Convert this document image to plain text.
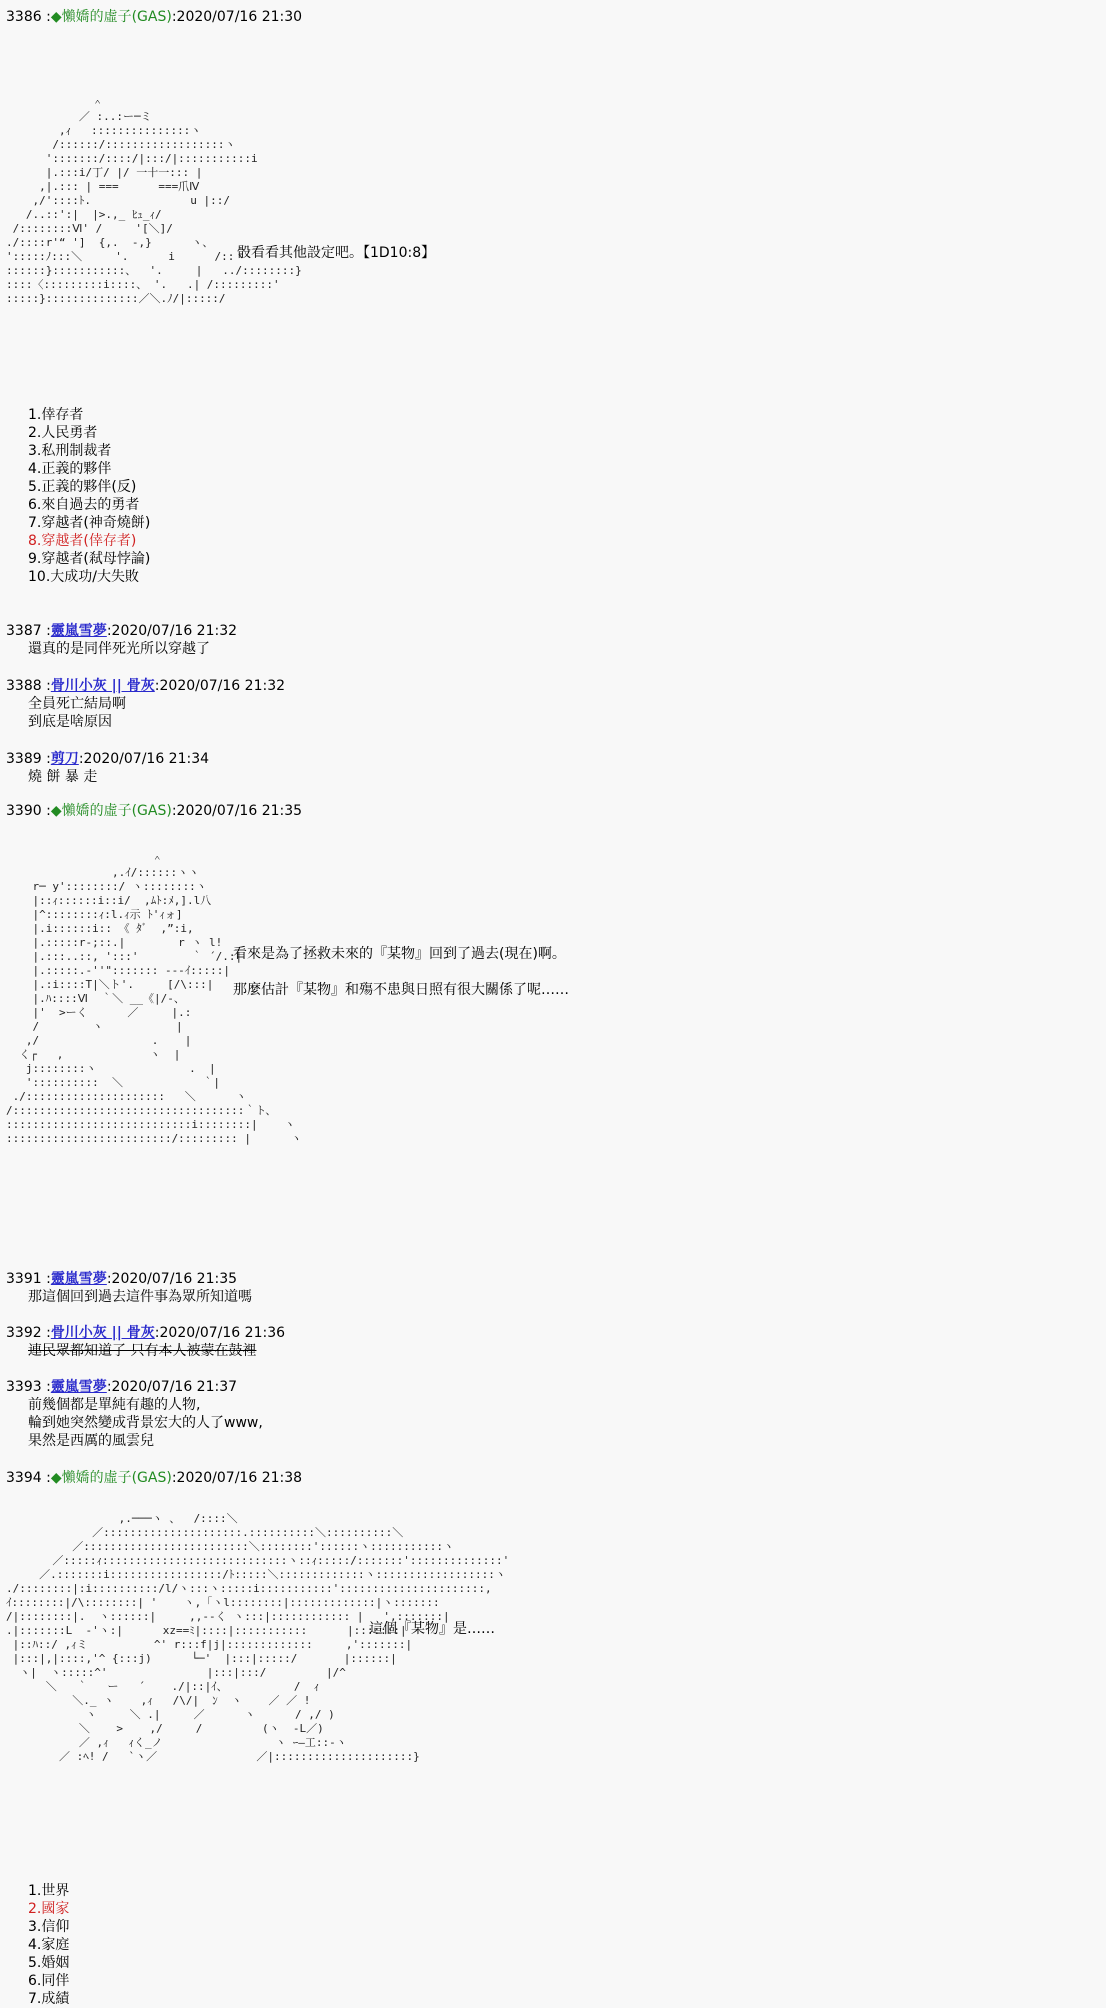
3386 :◆懶嬌的虛子(GAS):2020/07/16 21:30
＾
／ :..:ー─ミ
,ｨ   :::::::::::::::ヽ
/::::::/::::::::::::::::::ヽ
':::::::/::::/|:::/|:::::::::::i
|.:::i/丁/ |/ 一十一::: |
,|.::: | ===      ===爪Ⅳ
,/'::::ﾄ.               u |::/
/..::':|  |>.,_ ﾋｭ_ｨ/
/::::::::Ⅵ' /     '[＼]/
./::::r'“ ']  {,.  -,}      ヽ、
':::::ﾉ:::＼     '.      i      /::ヽ
::::::}:::::::::::、  '.     |   ../::::::::}
::::〈:::::::::i::::、 '.   .| /:::::::::'
:::::}::::::::::::::／＼.ﾉ/|:::::/
骰看看其他設定吧。【1D10:8】
1.倖存者
2.人民勇者
3.私刑制裁者
4.正義的夥伴
5.正義的夥伴(反)
6.來自過去的勇者
7.穿越者(神奇燒餅)
8.穿越者(倖存者)
9.穿越者(弒母悖論)
10.大成功/大失敗
3387 :靈嵐雪夢:2020/07/16 21:32
還真的是同伴死光所以穿越了
3388 :骨川小灰 || 骨灰:2020/07/16 21:32
全員死亡結局啊
到底是啥原因
3389 :剪刀:2020/07/16 21:34
燒 餅 暴 走
3390 :◆懶嬌的虛子(GAS):2020/07/16 21:35
＾
,.ｲ/::::::ヽヽ
r─ y'::::::::/ ヽ::::::::ヽ
|::ｨ::::::i::i/  ,ﾑﾄ:ﾒ,].l八
|^::::::::ｨ:l.ｨ示 ﾄ'ｨォ]
|.i::::::i:: 《 ﾀﾞ  ,”:i,
|.:::::r-;::.|        r ヽ l!
|.:::..::, ':::'        ｀ ´/.:|
|.:::::.-''"::::::: --‐ｲ:::::|
|.:i::::T|＼ト'.     [/\:::|
|.ﾊ::::Ⅵ  ｀＼ __《|/-、
|'  >ーく      ／     |.:
/        ヽ           |
,/                 .    |
く┌   ,             ヽ  |
j::::::::ヽ              .  |
'::::::::::  ＼            ｀|
./:::::::::::::::::::::   ＼      ヽ
/:::::::::::::::::::::::::::::::::::｀ト、
::::::::::::::::::::::::::::i::::::::|    ヽ
:::::::::::::::::::::::::/::::::::: |      ヽ
看來是為了拯救未來的『某物』回到了過去(現在)啊。
那麼估計『某物』和殤不患與日照有很大關係了呢……
3391 :靈嵐雪夢:2020/07/16 21:35
那這個回到過去這件事為眾所知道嗎
3392 :骨川小灰 || 骨灰:2020/07/16 21:36
連民眾都知道了 只有本人被蒙在鼓裡
3393 :靈嵐雪夢:2020/07/16 21:37
前幾個都是單純有趣的人物,
輪到她突然變成背景宏大的人了www,
果然是西厲的風雲兒
3394 :◆懶嬌的虛子(GAS):2020/07/16 21:38
,.───ヽ 、  /::::＼
／:::::::::::::::::::::.::::::::::＼::::::::::＼
／:::::::::::::::::::::::::＼::::::::'::::::ヽ:::::::::::ヽ
／:::::ｨ::::::::::::::::::::::::::::ヽ::ｨ:::::/:::::::'::::::::::::::'
／.:::::::i:::::::::::::::::/ﾄ:::::＼:::::::::::::ヽ::::::::::::::::::ヽ
./::::::::|:i::::::::::/l/ヽ:::ヽ:::::i:::::::::::'::::::::::::::::::::::,
ｲ::::::::|/\::::::::| '    ヽ,「ヽl::::::::|:::::::::::::|ヽ:::::::
/|::::::::|.  ヽ::::::|     ,,--く ヽ:::|:::::::::::: |   ',:::::::|
.|:::::::L  -'ヽ:|      xz==ﾐ|::::|:::::::::::      |:::::::|
|::ﾊ::/ ,ｨミ          ^' r:::f|j|:::::::::::::     ,':::::::|
|:::|,|::::,'^ {:::j)      └─'  |:::|:::::/       |::::::|
ヽ|  ヽ:::::^'               |:::|:::/         |/^
＼   ｀   ー   ´    ./|::|ｲ、          /  ｨ
＼._ ヽ    ,ｨ   /\/|  ﾝ  ヽ    ／ ／ !
ヽ     ＼ .|     ／      ヽ      / ,/ )
＼    >    ,/     /         (ヽ  -L／)
／ ,ｨ   ｨく_ノ                 ヽ ｰ―工::-ヽ
／ :ﾍ! /   `ヽ／               ／|:::::::::::::::::::::}
這個『某物』是……
1.世界
2.國家
3.信仰
4.家庭
5.婚姻
6.同伴
7.成績
